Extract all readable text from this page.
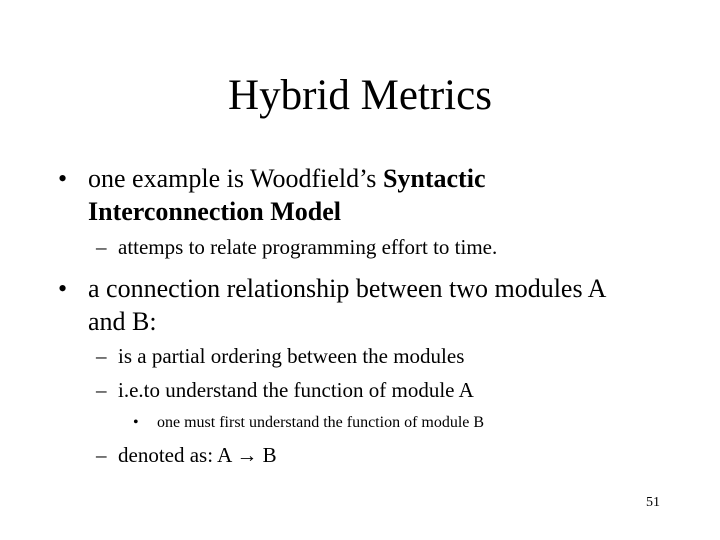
Hybrid Metrics
• one example is Woodfield’s Syntactic
Interconnection Model
– attemps to relate programming effort to time.
• a connection relationship between two modules A
and B:
– is a partial ordering between the modules
– i.e.to understand the function of module A
• one must first understand the function of module B
– denoted as: A → B
51
